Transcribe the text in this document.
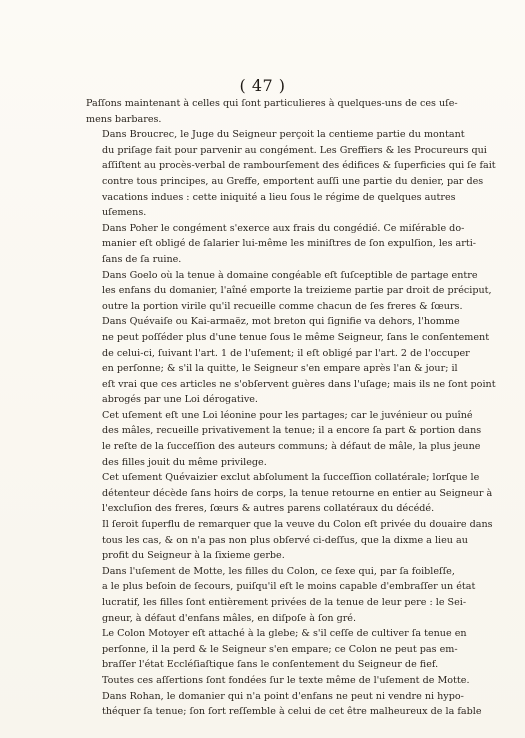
( 47 )

Paſſons maintenant à celles qui ſont particulieres à quelques-uns de ces uſe-
mens barbares.

Dans Broucrec, le Juge du Seigneur perçoit la centieme partie du montant
du priſage fait pour parvenir au congément. Les Greffiers & les Procureurs qui
aſſiſtent au procès-verbal de rambourſement des édifices & ſuperficies qui ſe fait
contre tous principes, au Greffe, emportent auſſi une partie du denier, par des
vacations indues : cette iniquité a lieu ſous le régime de quelques autres
uſemens.

Dans Poher le congément s'exerce aux frais du congédié. Ce miſérable do-
manier eſt obligé de ſalarier lui-même les miniſtres de ſon expulſion, les arti-
ſans de ſa ruine.

Dans Goelo où la tenue à domaine congéable eſt ſuſceptible de partage entre
les enfans du domanier, l'aîné emporte la treizieme partie par droit de préciput,
outre la portion virile qu'il recueille comme chacun de ſes freres & ſœurs.

Dans Quévaiſe ou Kai-armaëz, mot breton qui ſignifie va dehors, l'homme
ne peut poſſéder plus d'une tenue ſous le même Seigneur, ſans le conſentement
de celui-ci, ſuivant l'art. 1 de l'uſement; il eſt obligé par l'art. 2 de l'occuper
en perſonne; & s'il la quitte, le Seigneur s'en empare après l'an & jour; il
eſt vrai que ces articles ne s'obſervent guères dans l'uſage; mais ils ne ſont point
abrogés par une Loi dérogative.

Cet uſement eſt une Loi léonine pour les partages; car le juvénieur ou puîné
des mâles, recueille privativement la tenue; il a encore ſa part & portion dans
le reſte de la ſucceſſion des auteurs communs; à défaut de mâle, la plus jeune
des filles jouit du même privilege.

Cet uſement Quévaizier exclut abſolument la ſucceſſion collatérale; lorſque le
détenteur décède ſans hoirs de corps, la tenue retourne en entier au Seigneur à
l'excluſion des freres, ſœurs & autres parens collatéraux du décédé.

Il ſeroit ſuperflu de remarquer que la veuve du Colon eſt privée du douaire dans
tous les cas, & on n'a pas non plus obſervé ci-deſſus, que la dixme a lieu au
profit du Seigneur à la ſixieme gerbe.

Dans l'uſement de Motte, les filles du Colon, ce ſexe qui, par ſa foibleſſe,
a le plus beſoin de ſecours, puiſqu'il eſt le moins capable d'embraſſer un état
lucratif, les filles ſont entièrement privées de la tenue de leur pere : le Sei-
gneur, à défaut d'enfans mâles, en diſpoſe à ſon gré.

Le Colon Motoyer eſt attaché à la glebe; & s'il ceſſe de cultiver ſa tenue en
perſonne, il la perd & le Seigneur s'en empare; ce Colon ne peut pas em-
braſſer l'état Eccléſiaſtique ſans le conſentement du Seigneur de fief.

Toutes ces aſſertions ſont fondées ſur le texte même de l'uſement de Motte.

Dans Rohan, le domanier qui n'a point d'enfans ne peut ni vendre ni hypo-
théquer ſa tenue; ſon ſort reſſemble à celui de cet être malheureux de la fable
